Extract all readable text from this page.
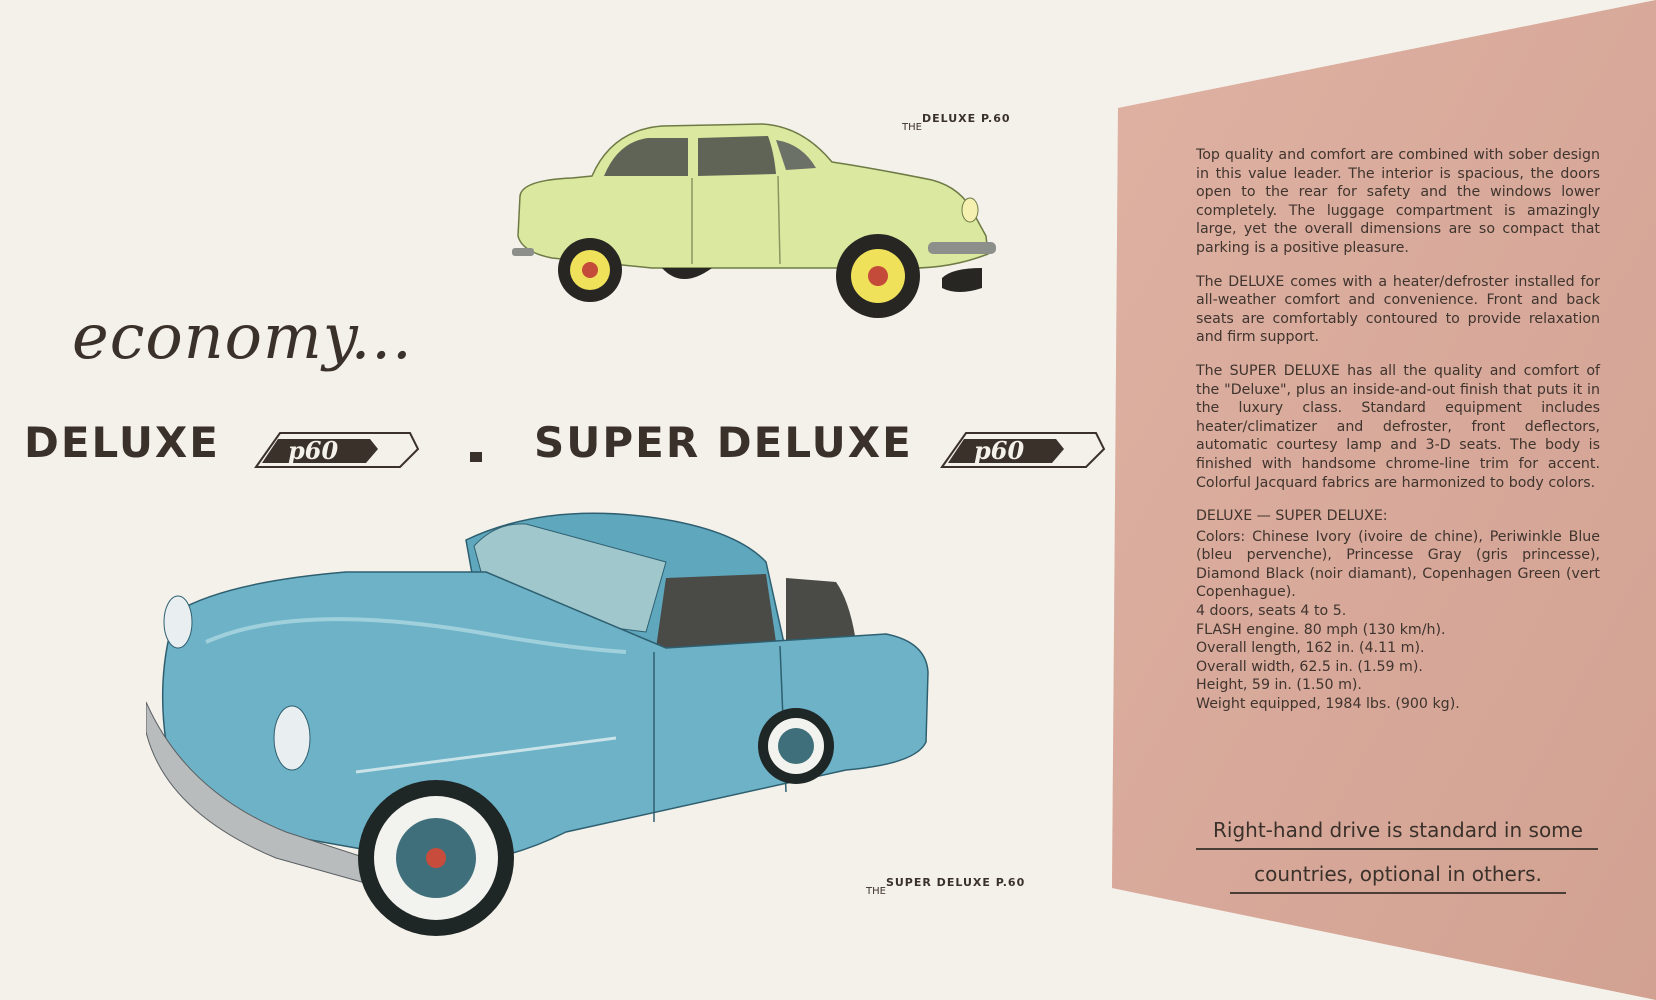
THEDELUXE P.60
economy...
DELUXE	p60	SUPER DELUXE	p60
THESUPER DELUXE P.60

Top quality and comfort are combined with sober design in this value leader. The interior is spacious, the doors open to the rear for safety and the windows lower completely. The luggage compartment is amazingly large, yet the overall dimensions are so compact that parking is a positive pleasure.

The DELUXE comes with a heater/defroster installed for all-weather comfort and convenience. Front and back seats are comfortably contoured to provide relaxation and firm support.

The SUPER DELUXE has all the quality and comfort of the "Deluxe", plus an inside-and-out finish that puts it in the luxury class. Standard equipment includes heater/climatizer and defroster, front deflectors, automatic courtesy lamp and 3-D seats. The body is finished with handsome chrome-line trim for accent. Colorful Jacquard fabrics are harmonized to body colors.

DELUXE — SUPER DELUXE:
Colors: Chinese Ivory (ivoire de chine), Periwinkle Blue (bleu pervenche), Princesse Gray (gris princesse), Diamond Black (noir diamant), Copenhagen Green (vert Copenhague).
4 doors, seats 4 to 5.
FLASH engine. 80 mph (130 km/h).
Overall length, 162 in. (4.11 m).
Overall width, 62.5 in. (1.59 m).
Height, 59 in. (1.50 m).
Weight equipped, 1984 lbs. (900 kg).
Right-hand drive is standard in some
countries, optional in others.
